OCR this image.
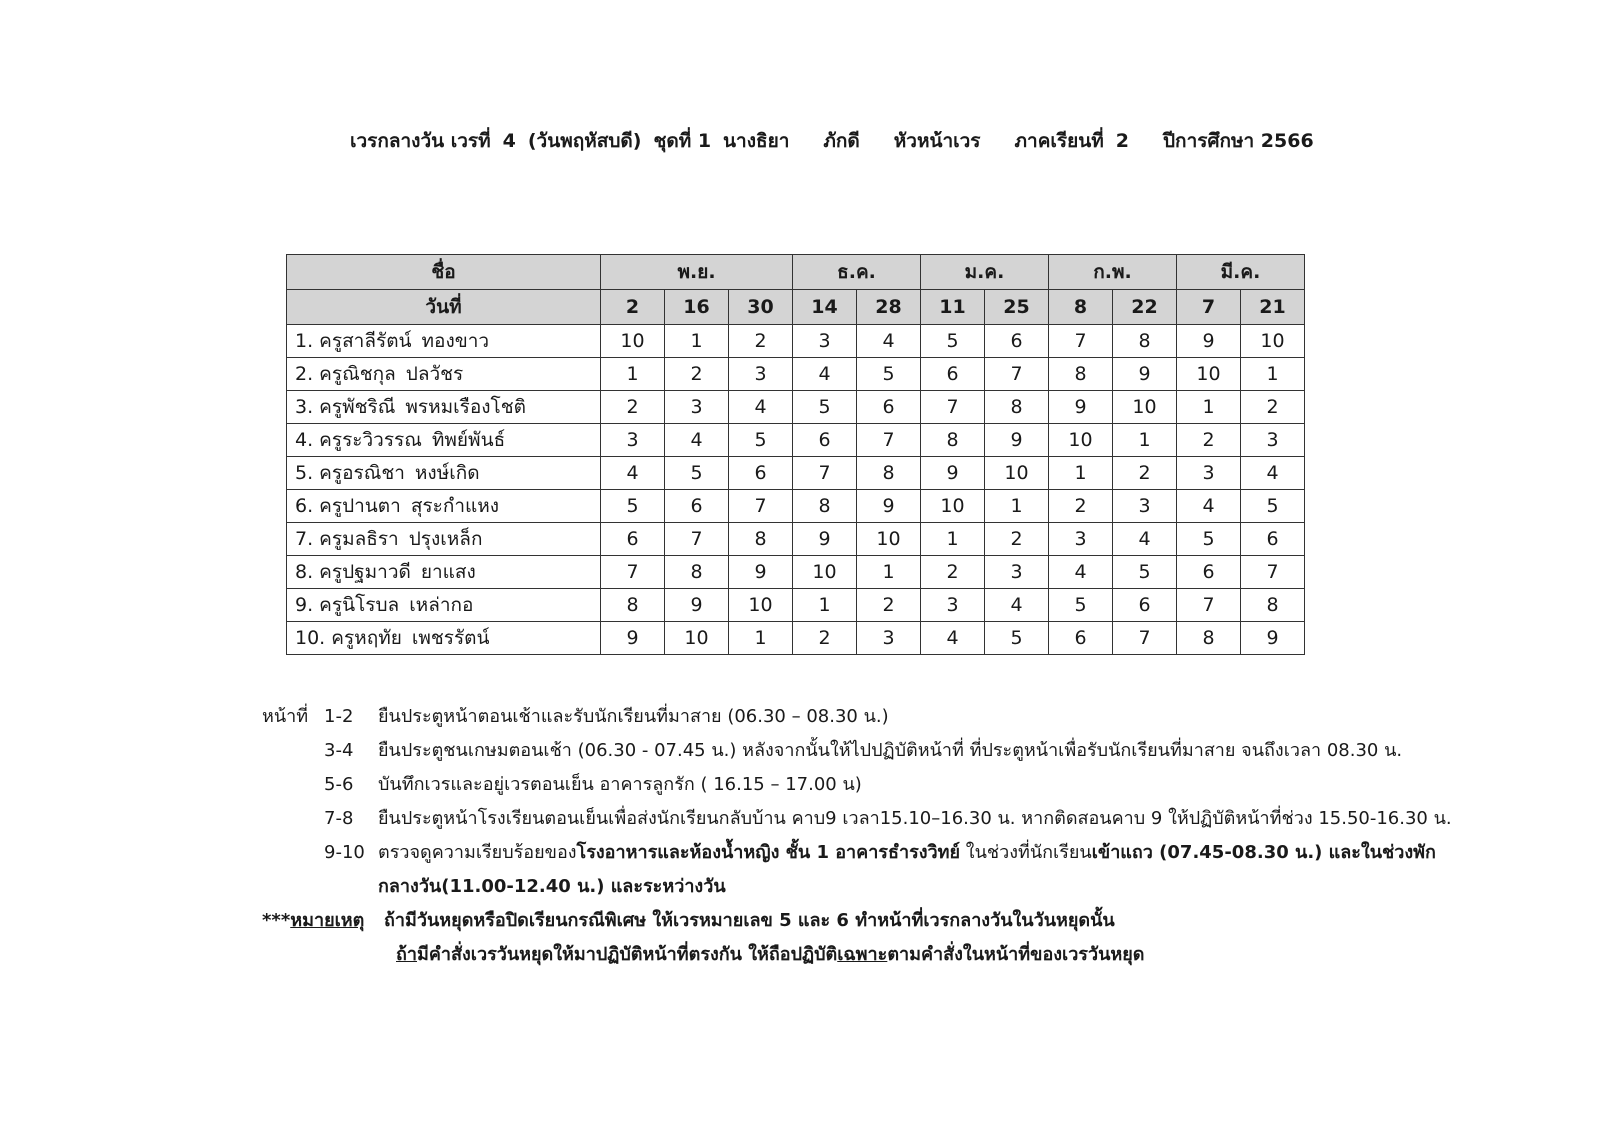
เวรกลางวัน เวรที่ 4 (วันพฤหัสบดี) ชุดที่ 1 นางธิยา ภักดี หัวหน้าเวร ภาคเรียนที่ 2 ปีการศึกษา 2566
ชื่อ	พ.ย.			ธ.ค.		ม.ค.		ก.พ.		มี.ค.	
วันที่	2	16	30	14	28	11	25	8	22	7	21
1. ครูสาลีรัตน์ ทองขาว	10	1	2	3	4	5	6	7	8	9	10
2. ครูณิชกุล ปลวัชร	1	2	3	4	5	6	7	8	9	10	1
3. ครูพัชริณี พรหมเรืองโชติ	2	3	4	5	6	7	8	9	10	1	2
4. ครูระวิวรรณ ทิพย์พันธ์	3	4	5	6	7	8	9	10	1	2	3
5. ครูอรณิชา หงษ์เกิด	4	5	6	7	8	9	10	1	2	3	4
6. ครูปานตา สุระกำแหง	5	6	7	8	9	10	1	2	3	4	5
7. ครูมลธิรา ปรุงเหล็ก	6	7	8	9	10	1	2	3	4	5	6
8. ครูปฐมาวดี ยาแสง	7	8	9	10	1	2	3	4	5	6	7
9. ครูนิโรบล เหล่ากอ	8	9	10	1	2	3	4	5	6	7	8
10. ครูหฤทัย เพชรรัตน์	9	10	1	2	3	4	5	6	7	8	9
หน้าที่ 1-2	ยืนประตูหน้าตอนเช้าและรับนักเรียนที่มาสาย (06.30 – 08.30 น.)
3-4	ยืนประตูชนเกษมตอนเช้า (06.30 - 07.45 น.) หลังจากนั้นให้ไปปฏิบัติหน้าที่ ที่ประตูหน้าเพื่อรับนักเรียนที่มาสาย จนถึงเวลา 08.30 น.
5-6	บันทึกเวรและอยู่เวรตอนเย็น อาคารลูกรัก ( 16.15 – 17.00 น)
7-8	ยืนประตูหน้าโรงเรียนตอนเย็นเพื่อส่งนักเรียนกลับบ้าน คาบ9 เวลา15.10–16.30 น. หากติดสอนคาบ 9 ให้ปฏิบัติหน้าที่ช่วง 15.50-16.30 น.
9-10 ตรวจดูความเรียบร้อยของโรงอาหารและห้องน้ำหญิง ชั้น 1 อาคารธำรงวิทย์ ในช่วงที่นักเรียนเข้าแถว (07.45-08.30 น.) และในช่วงพัก
กลางวัน(11.00-12.40 น.) และระหว่างวัน
***หมายเหตุ	ถ้ามีวันหยุดหรือปิดเรียนกรณีพิเศษ ให้เวรหมายเลข 5 และ 6 ทำหน้าที่เวรกลางวันในวันหยุดนั้น
ถ้ามีคำสั่งเวรวันหยุดให้มาปฏิบัติหน้าที่ตรงกัน ให้ถือปฏิบัติเฉพาะตามคำสั่งในหน้าที่ของเวรวันหยุด
